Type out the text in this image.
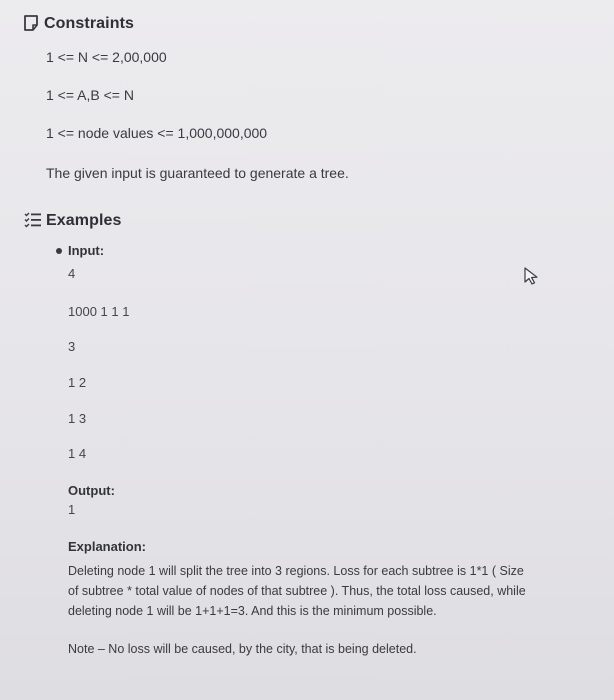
Constraints
1 <= N <= 2,00,000
1 <= A,B <= N
1 <= node values <= 1,000,000,000
The given input is guaranteed to generate a tree.
Examples
Input:
4
1000 1 1 1
3
1 2
1 3
1 4
Output:
1
Explanation:
Deleting node 1 will split the tree into 3 regions. Loss for each subtree is 1*1 ( Size
of subtree * total value of nodes of that subtree ). Thus, the total loss caused, while
deleting node 1 will be 1+1+1=3. And this is the minimum possible.
Note – No loss will be caused, by the city, that is being deleted.
